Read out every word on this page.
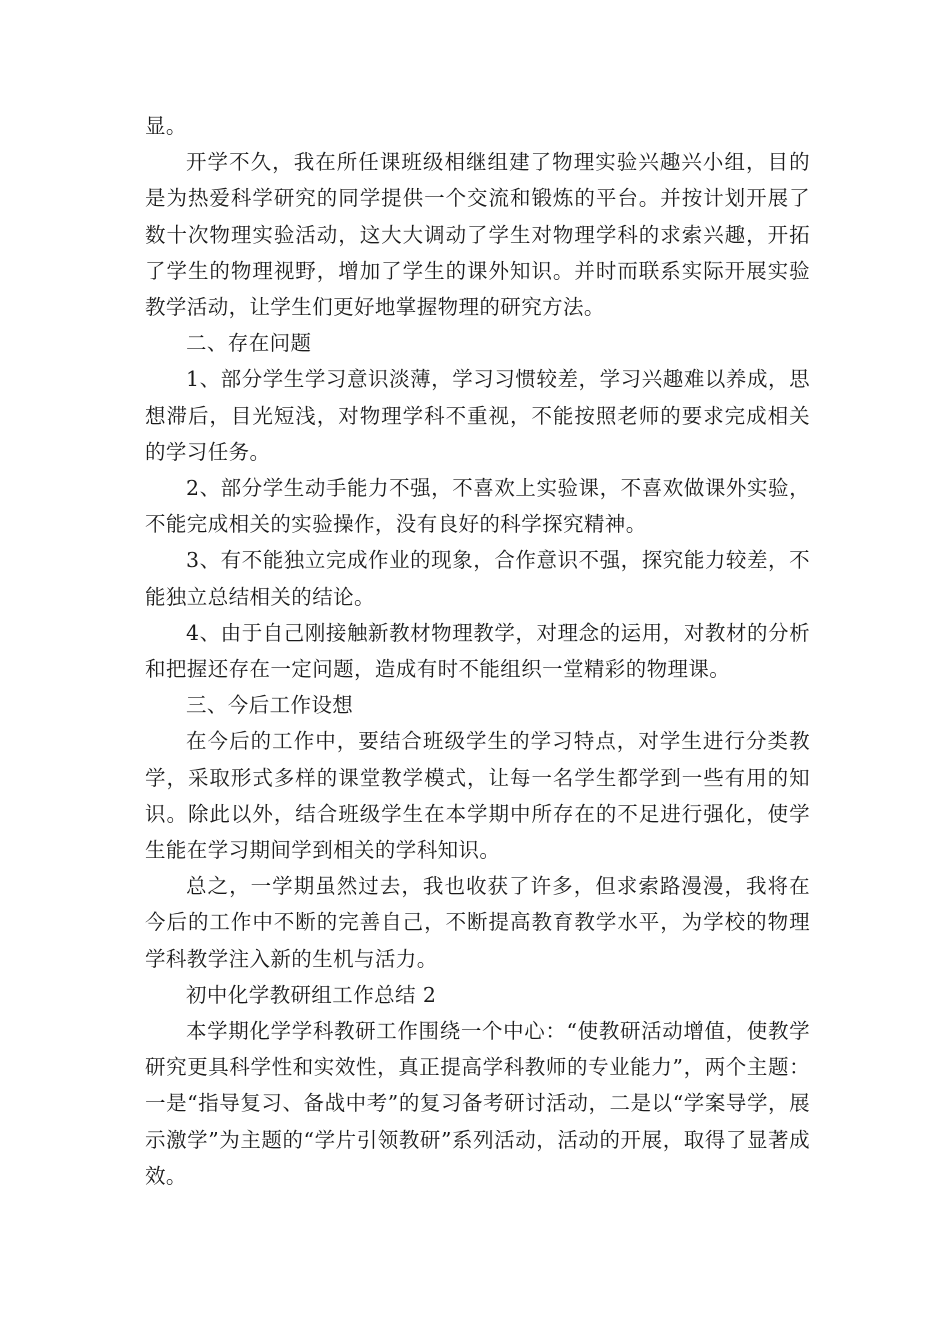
显。

开学不久，我在所任课班级相继组建了物理实验兴趣兴小组，目的是为热爱科学研究的同学提供一个交流和锻炼的平台。并按计划开展了数十次物理实验活动，这大大调动了学生对物理学科的求索兴趣，开拓了学生的物理视野，增加了学生的课外知识。并时而联系实际开展实验教学活动，让学生们更好地掌握物理的研究方法。

二、存在问题

1、部分学生学习意识淡薄，学习习惯较差，学习兴趣难以养成，思想滞后，目光短浅，对物理学科不重视，不能按照老师的要求完成相关的学习任务。

2、部分学生动手能力不强，不喜欢上实验课，不喜欢做课外实验，不能完成相关的实验操作，没有良好的科学探究精神。

3、有不能独立完成作业的现象，合作意识不强，探究能力较差，不能独立总结相关的结论。

4、由于自己刚接触新教材物理教学，对理念的运用，对教材的分析和把握还存在一定问题，造成有时不能组织一堂精彩的物理课。

三、今后工作设想

在今后的工作中，要结合班级学生的学习特点，对学生进行分类教学，采取形式多样的课堂教学模式，让每一名学生都学到一些有用的知识。除此以外，结合班级学生在本学期中所存在的不足进行强化，使学生能在学习期间学到相关的学科知识。

总之，一学期虽然过去，我也收获了许多，但求索路漫漫，我将在今后的工作中不断的完善自己，不断提高教育教学水平，为学校的物理学科教学注入新的生机与活力。

初中化学教研组工作总结 2

本学期化学学科教研工作围绕一个中心：“使教研活动增值，使教学研究更具科学性和实效性，真正提高学科教师的专业能力”，两个主题：一是“指导复习、备战中考”的复习备考研讨活动，二是以“学案导学，展示激学”为主题的“学片引领教研”系列活动，活动的开展，取得了显著成效。
